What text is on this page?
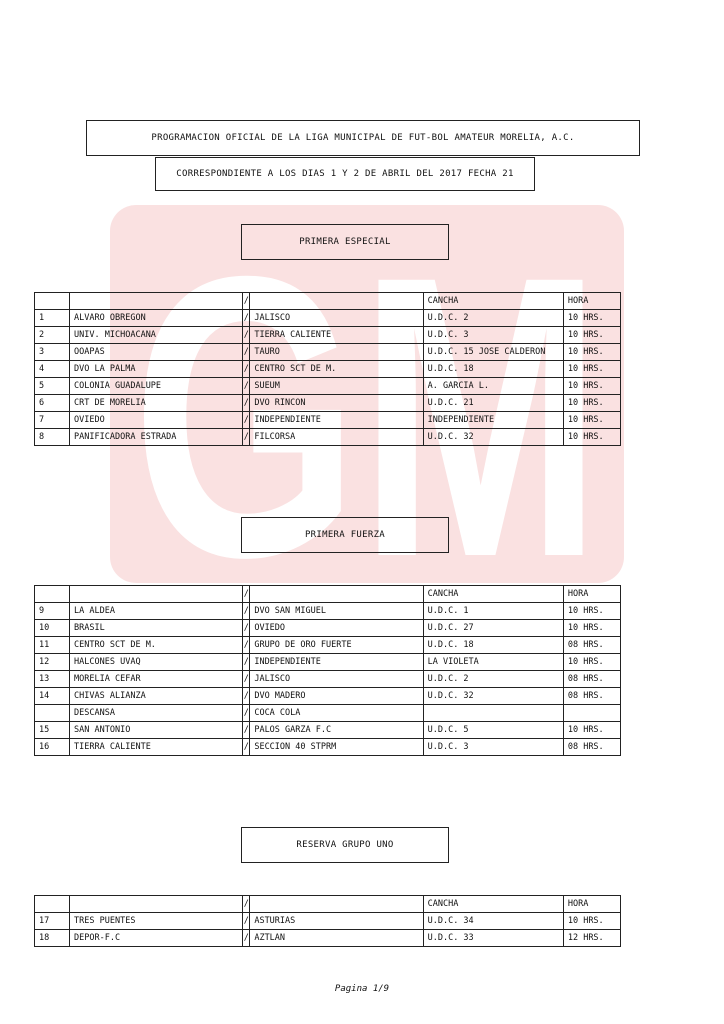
GM
PROGRAMACION OFICIAL DE LA LIGA MUNICIPAL DE FUT-BOL AMATEUR MORELIA, A.C.
CORRESPONDIENTE A LOS DIAS 1 Y 2 DE ABRIL DEL 2017 FECHA 21
PRIMERA ESPECIAL
		/		CANCHA	HORA
1	ALVARO OBREGON	/	JALISCO	U.D.C. 2	10 HRS.
2	UNIV. MICHOACANA	/	TIERRA CALIENTE	U.D.C. 3	10 HRS.
3	OOAPAS	/	TAURO	U.D.C. 15 JOSE CALDERON	10 HRS.
4	DVO LA PALMA	/	CENTRO SCT DE M.	U.D.C. 18	10 HRS.
5	COLONIA GUADALUPE	/	SUEUM	A. GARCIA L.	10 HRS.
6	CRT DE MORELIA	/	DVO RINCON	U.D.C. 21	10 HRS.
7	OVIEDO	/	INDEPENDIENTE	INDEPENDIENTE	10 HRS.
8	PANIFICADORA ESTRADA	/	FILCORSA	U.D.C. 32	10 HRS.
PRIMERA FUERZA
		/		CANCHA	HORA
9	LA ALDEA	/	DVO SAN MIGUEL	U.D.C. 1	10 HRS.
10	BRASIL	/	OVIEDO	U.D.C. 27	10 HRS.
11	CENTRO SCT DE M.	/	GRUPO DE ORO FUERTE	U.D.C. 18	08 HRS.
12	HALCONES UVAQ	/	INDEPENDIENTE	LA VIOLETA	10 HRS.
13	MORELIA CEFAR	/	JALISCO	U.D.C. 2	08 HRS.
14	CHIVAS ALIANZA	/	DVO MADERO	U.D.C. 32	08 HRS.
	DESCANSA	/	COCA COLA		
15	SAN ANTONIO	/	PALOS GARZA F.C	U.D.C. 5	10 HRS.
16	TIERRA CALIENTE	/	SECCION 40 STPRM	U.D.C. 3	08 HRS.
RESERVA GRUPO UNO
		/		CANCHA	HORA
17	TRES PUENTES	/	ASTURIAS	U.D.C. 34	10 HRS.
18	DEPOR-F.C	/	AZTLAN	U.D.C. 33	12 HRS.
Pagina 1/9
